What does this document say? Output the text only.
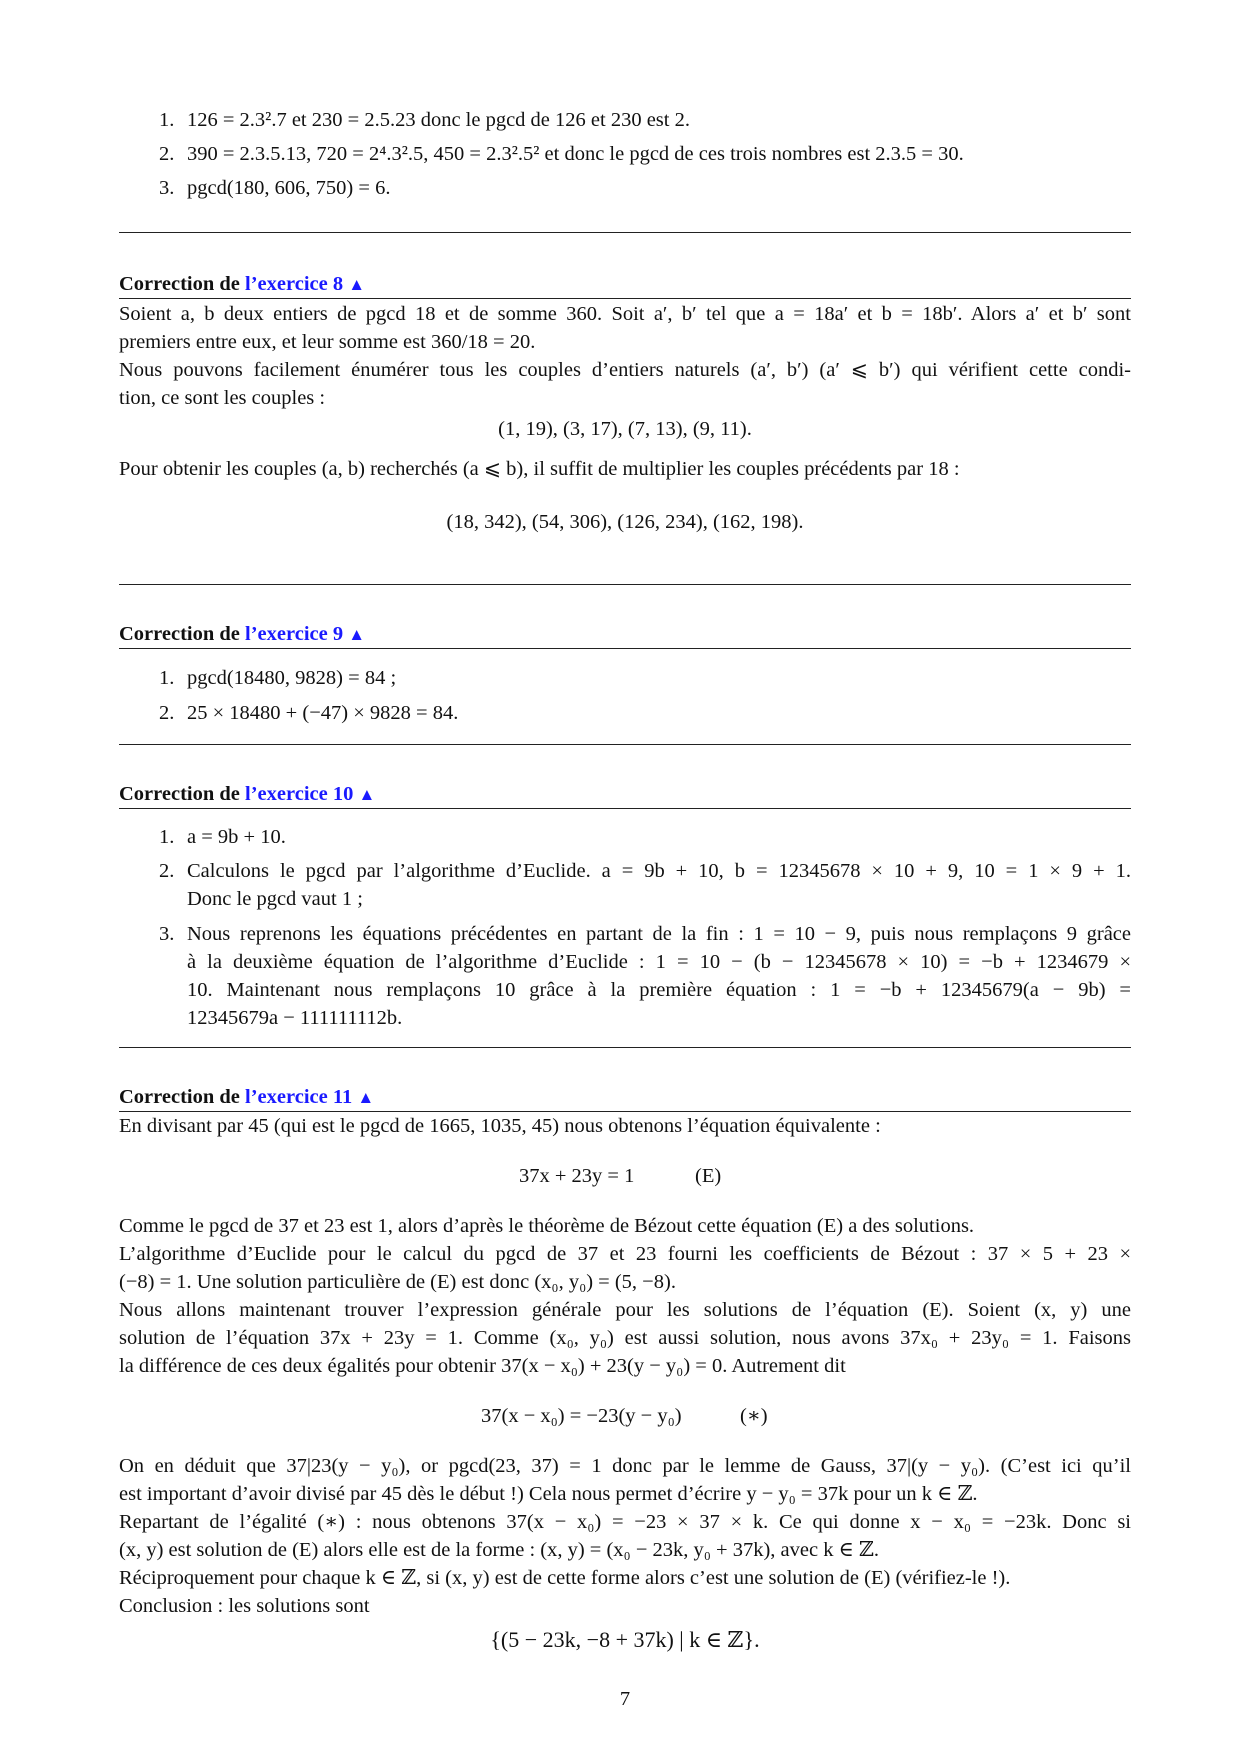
1. 126 = 2.3².7 et 230 = 2.5.23 donc le pgcd de 126 et 230 est 2.
2. 390 = 2.3.5.13, 720 = 2⁴.3².5, 450 = 2.3².5² et donc le pgcd de ces trois nombres est 2.3.5 = 30.
3. pgcd(180, 606, 750) = 6.
Correction de l’exercice 8 ▲
Soient a, b deux entiers de pgcd 18 et de somme 360. Soit a′, b′ tel que a = 18a′ et b = 18b′. Alors a′ et b′ sont
premiers entre eux, et leur somme est 360/18 = 20.
Nous pouvons facilement énumérer tous les couples d’entiers naturels (a′, b′) (a′ ⩽ b′) qui vérifient cette condi-
tion, ce sont les couples :
(1, 19), (3, 17), (7, 13), (9, 11).
Pour obtenir les couples (a, b) recherchés (a ⩽ b), il suffit de multiplier les couples précédents par 18 :
(18, 342), (54, 306), (126, 234), (162, 198).
Correction de l’exercice 9 ▲
1. pgcd(18480, 9828) = 84 ;
2. 25 × 18480 + (−47) × 9828 = 84.
Correction de l’exercice 10 ▲
1. a = 9b + 10.
2. Calculons le pgcd par l’algorithme d’Euclide. a = 9b + 10, b = 12345678 × 10 + 9, 10 = 1 × 9 + 1.
Donc le pgcd vaut 1 ;
3. Nous reprenons les équations précédentes en partant de la fin : 1 = 10 − 9, puis nous remplaçons 9 grâce
à la deuxième équation de l’algorithme d’Euclide : 1 = 10 − (b − 12345678 × 10) = −b + 1234679 ×
10. Maintenant nous remplaçons 10 grâce à la première équation : 1 = −b + 12345679(a − 9b) =
12345679a − 111111112b.
Correction de l’exercice 11 ▲
En divisant par 45 (qui est le pgcd de 1665, 1035, 45) nous obtenons l’équation équivalente :
37x + 23y = 1	(E)
Comme le pgcd de 37 et 23 est 1, alors d’après le théorème de Bézout cette équation (E) a des solutions.
L’algorithme d’Euclide pour le calcul du pgcd de 37 et 23 fourni les coefficients de Bézout : 37 × 5 + 23 ×
(−8) = 1. Une solution particulière de (E) est donc (x₀, y₀) = (5, −8).
Nous allons maintenant trouver l’expression générale pour les solutions de l’équation (E). Soient (x, y) une
solution de l’équation 37x + 23y = 1. Comme (x₀, y₀) est aussi solution, nous avons 37x₀ + 23y₀ = 1. Faisons
la différence de ces deux égalités pour obtenir 37(x − x₀) + 23(y − y₀) = 0. Autrement dit
37(x − x₀) = −23(y − y₀)	(∗)
On en déduit que 37|23(y − y₀), or pgcd(23, 37) = 1 donc par le lemme de Gauss, 37|(y − y₀). (C’est ici qu’il
est important d’avoir divisé par 45 dès le début !) Cela nous permet d’écrire y − y₀ = 37k pour un k ∈ ℤ.
Repartant de l’égalité (∗) : nous obtenons 37(x − x₀) = −23 × 37 × k. Ce qui donne x − x₀ = −23k. Donc si
(x, y) est solution de (E) alors elle est de la forme : (x, y) = (x₀ − 23k, y₀ + 37k), avec k ∈ ℤ.
Réciproquement pour chaque k ∈ ℤ, si (x, y) est de cette forme alors c’est une solution de (E) (vérifiez-le !).
Conclusion : les solutions sont
{(5 − 23k, −8 + 37k) | k ∈ ℤ}.
7
